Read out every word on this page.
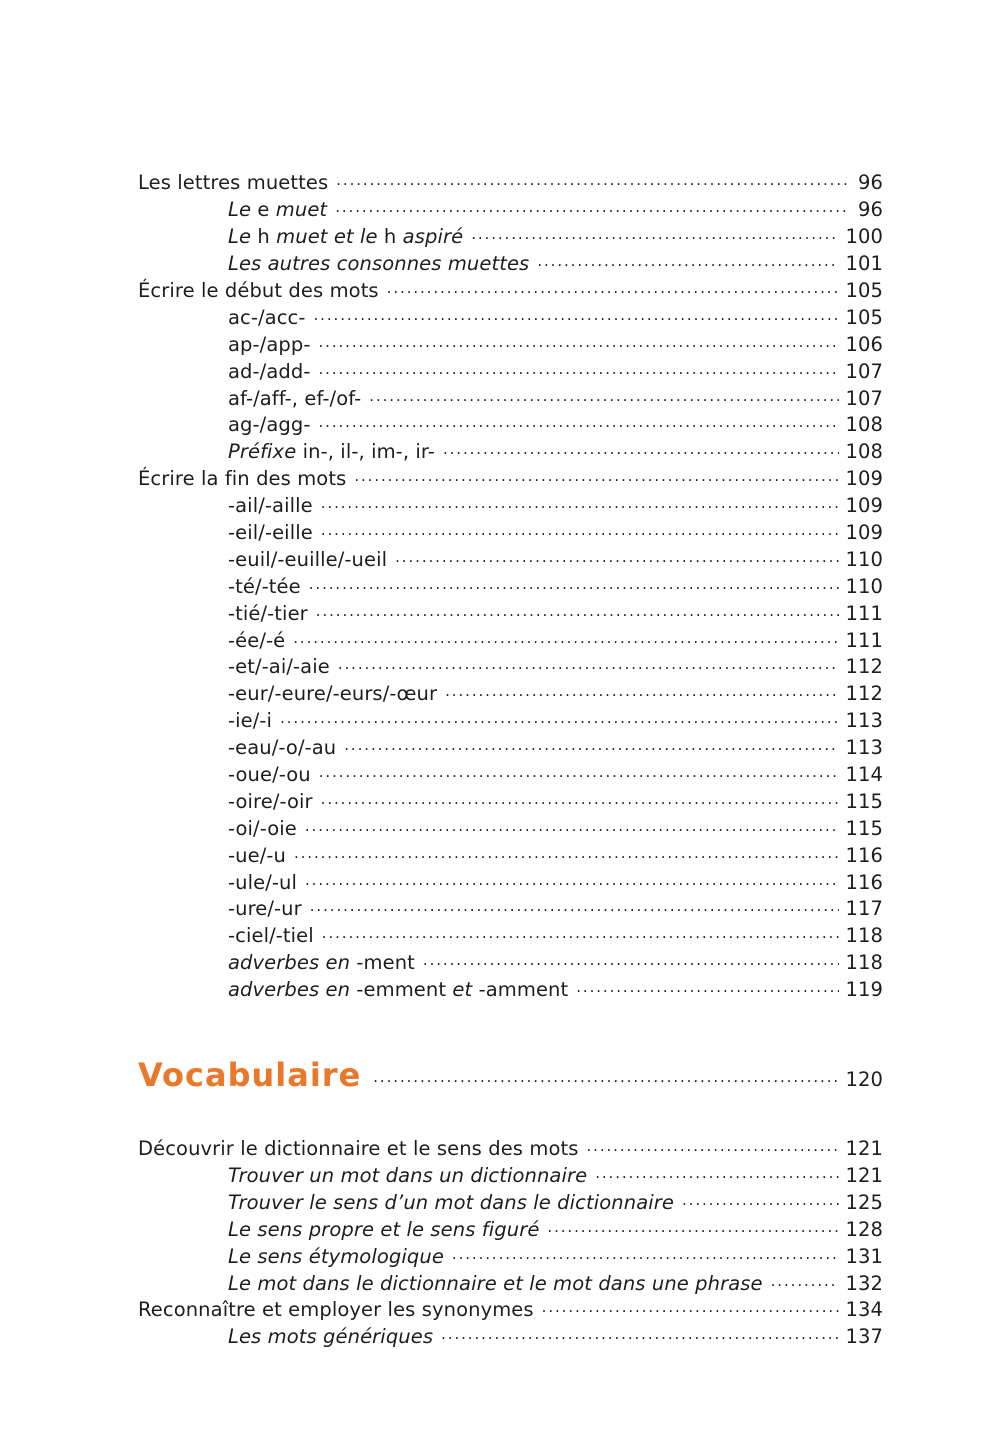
Les lettres muettes .....	96
Le e muet .....	96
Le h muet et le h aspiré .....	100
Les autres consonnes muettes .....	101
Écrire le début des mots .....	105
ac-/acc- .....	105
ap-/app- .....	106
ad-/add- .....	107
af-/aff-, ef-/of- .....	107
ag-/agg- .....	108
Préfixe in-, il-, im-, ir- .....	108
Écrire la fin des mots .....	109
-ail/-aille .....	109
-eil/-eille .....	109
-euil/-euille/-ueil .....	110
-té/-tée .....	110
-tié/-tier .....	111
-ée/-é .....	111
-et/-ai/-aie .....	112
-eur/-eure/-eurs/-œur .....	112
-ie/-i .....	113
-eau/-o/-au .....	113
-oue/-ou .....	114
-oire/-oir .....	115
-oi/-oie .....	115
-ue/-u .....	116
-ule/-ul .....	116
-ure/-ur .....	117
-ciel/-tiel .....	118
adverbes en -ment .....	118
adverbes en -emment et -amment .....	119
Vocabulaire .....	120
Découvrir le dictionnaire et le sens des mots .....	121
Trouver un mot dans un dictionnaire .....	121
Trouver le sens d’un mot dans le dictionnaire .....	125
Le sens propre et le sens figuré .....	128
Le sens étymologique .....	131
Le mot dans le dictionnaire et le mot dans une phrase .....	132
Reconnaître et employer les synonymes .....	134
Les mots génériques .....	137
